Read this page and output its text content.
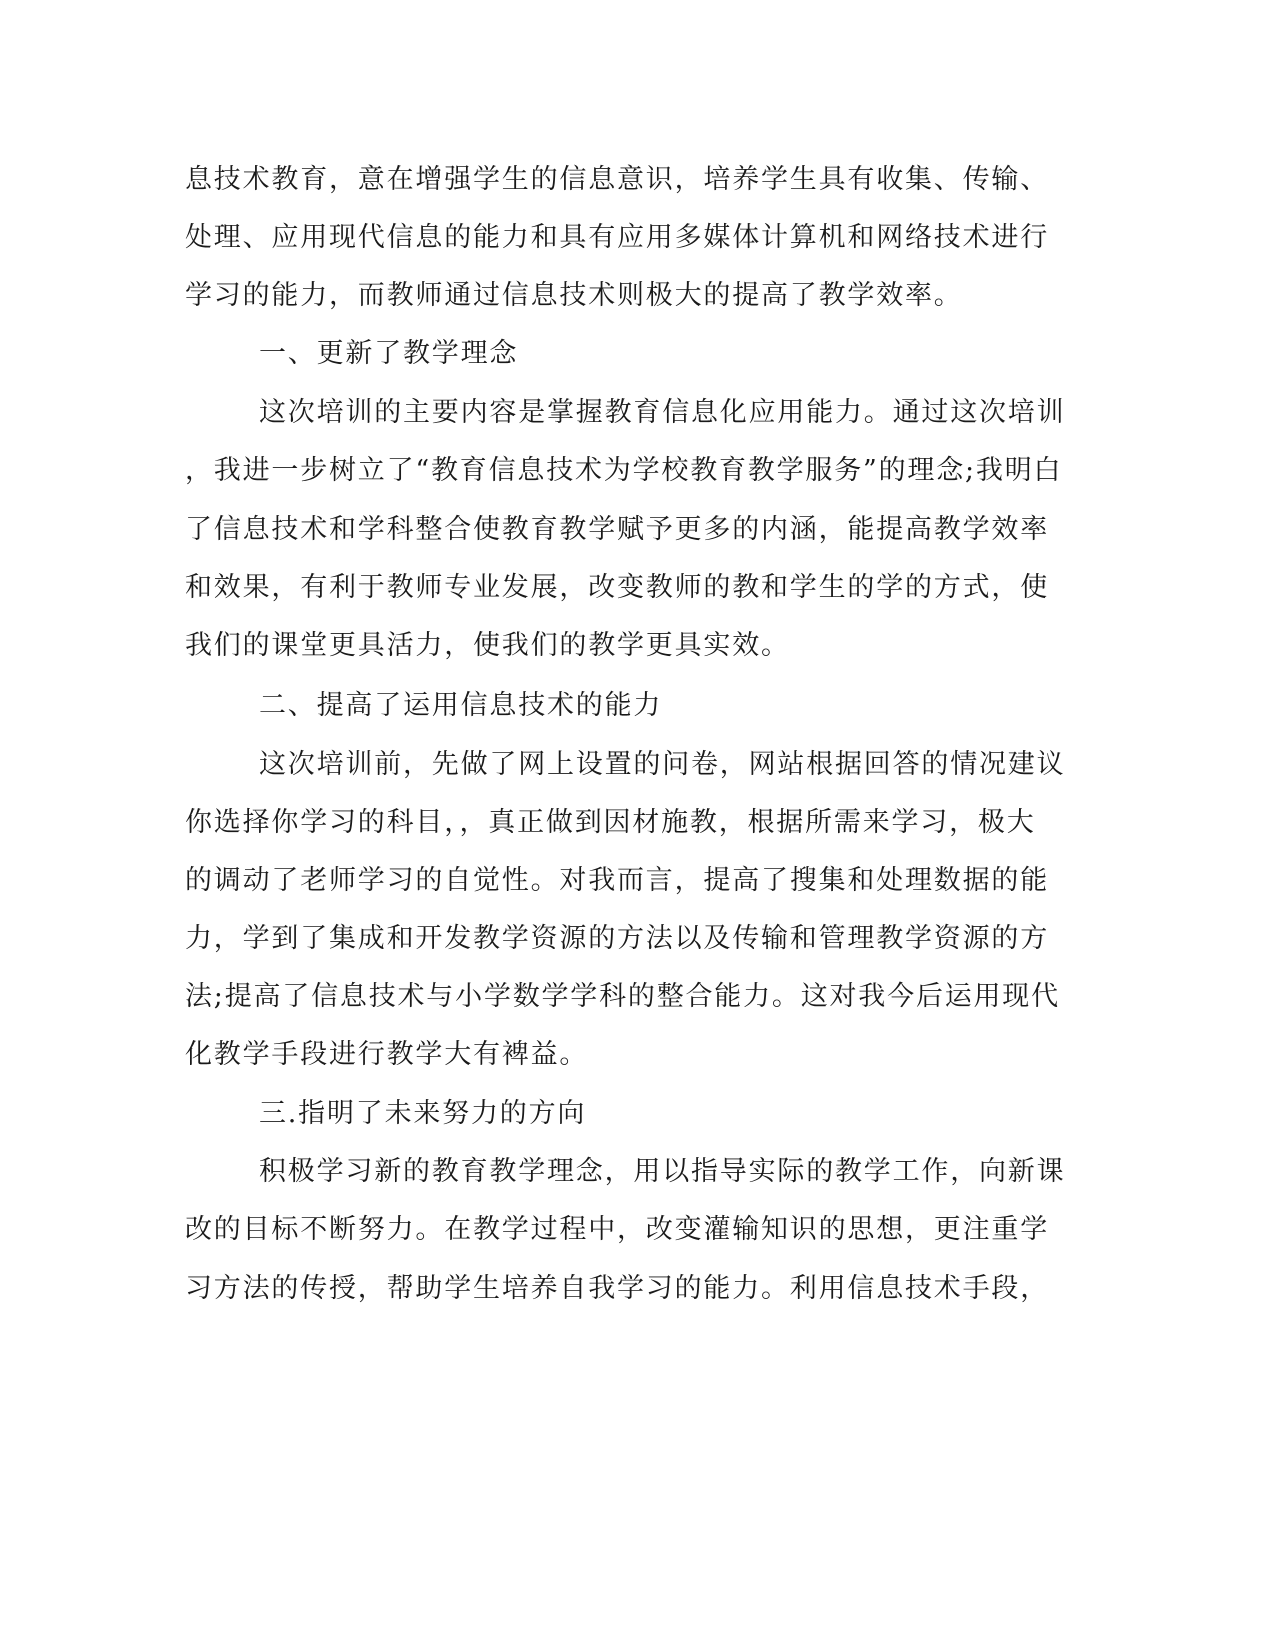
息技术教育，意在增强学生的信息意识，培养学生具有收集、传输、
处理、应用现代信息的能力和具有应用多媒体计算机和网络技术进行
学习的能力，而教师通过信息技术则极大的提高了教学效率。
一、更新了教学理念
这次培训的主要内容是掌握教育信息化应用能力。通过这次培训
，我进一步树立了“教育信息技术为学校教育教学服务”的理念;我明白
了信息技术和学科整合使教育教学赋予更多的内涵，能提高教学效率
和效果，有利于教师专业发展，改变教师的教和学生的学的方式，使
我们的课堂更具活力，使我们的教学更具实效。
二、提高了运用信息技术的能力
这次培训前，先做了网上设置的问卷，网站根据回答的情况建议
你选择你学习的科目，，真正做到因材施教，根据所需来学习，极大
的调动了老师学习的自觉性。对我而言，提高了搜集和处理数据的能
力，学到了集成和开发教学资源的方法以及传输和管理教学资源的方
法;提高了信息技术与小学数学学科的整合能力。这对我今后运用现代
化教学手段进行教学大有裨益。
三.指明了未来努力的方向
积极学习新的教育教学理念，用以指导实际的教学工作，向新课
改的目标不断努力。在教学过程中，改变灌输知识的思想，更注重学
习方法的传授，帮助学生培养自我学习的能力。利用信息技术手段，
